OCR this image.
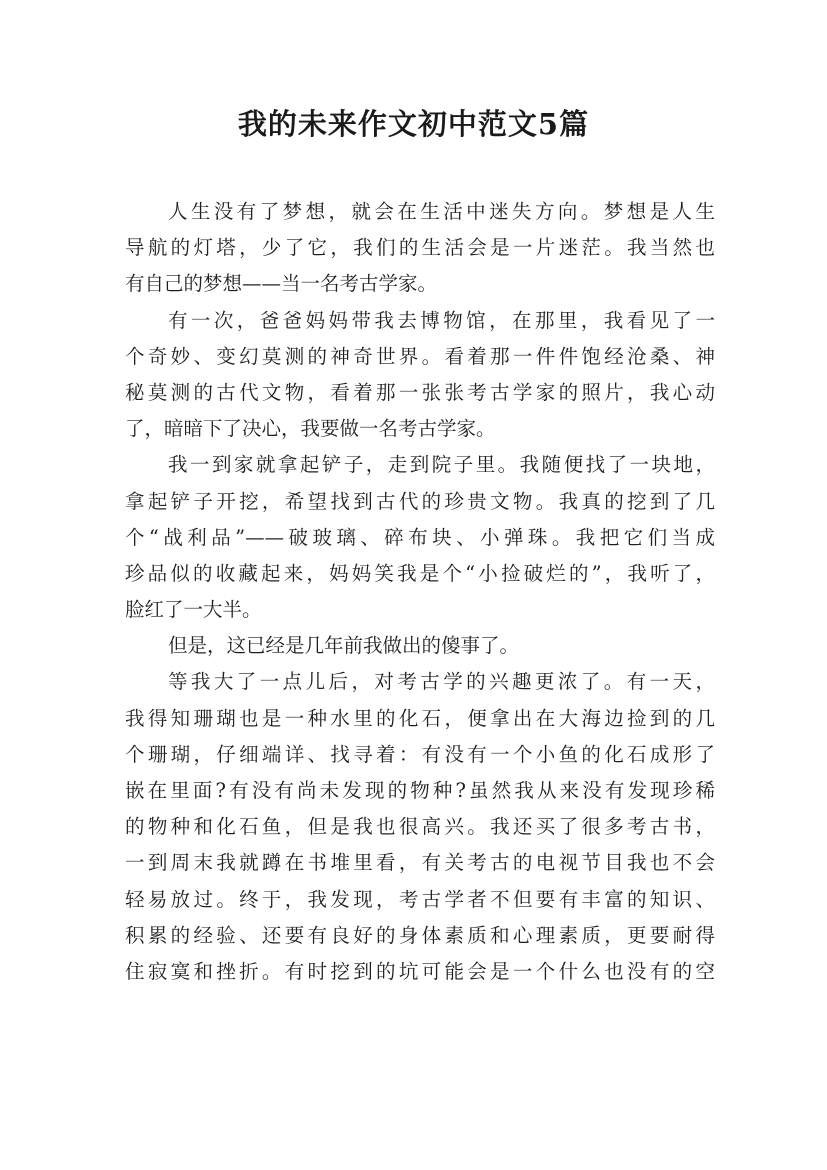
我的未来作文初中范文5篇
人生没有了梦想，就会在生活中迷失方向。梦想是人生
导航的灯塔，少了它，我们的生活会是一片迷茫。我当然也
有自己的梦想——当一名考古学家。
有一次，爸爸妈妈带我去博物馆，在那里，我看见了一
个奇妙、变幻莫测的神奇世界。看着那一件件饱经沧桑、神
秘莫测的古代文物，看着那一张张考古学家的照片，我心动
了，暗暗下了决心，我要做一名考古学家。
我一到家就拿起铲子，走到院子里。我随便找了一块地，
拿起铲子开挖，希望找到古代的珍贵文物。我真的挖到了几
个“战利品”——破玻璃、碎布块、小弹珠。我把它们当成
珍品似的收藏起来，妈妈笑我是个“小捡破烂的”，我听了，
脸红了一大半。
但是，这已经是几年前我做出的傻事了。
等我大了一点儿后，对考古学的兴趣更浓了。有一天，
我得知珊瑚也是一种水里的化石，便拿出在大海边捡到的几
个珊瑚，仔细端详、找寻着：有没有一个小鱼的化石成形了
嵌在里面?有没有尚未发现的物种?虽然我从来没有发现珍稀
的物种和化石鱼，但是我也很高兴。我还买了很多考古书，
一到周末我就蹲在书堆里看，有关考古的电视节目我也不会
轻易放过。终于，我发现，考古学者不但要有丰富的知识、
积累的经验、还要有良好的身体素质和心理素质，更要耐得
住寂寞和挫折。有时挖到的坑可能会是一个什么也没有的空
